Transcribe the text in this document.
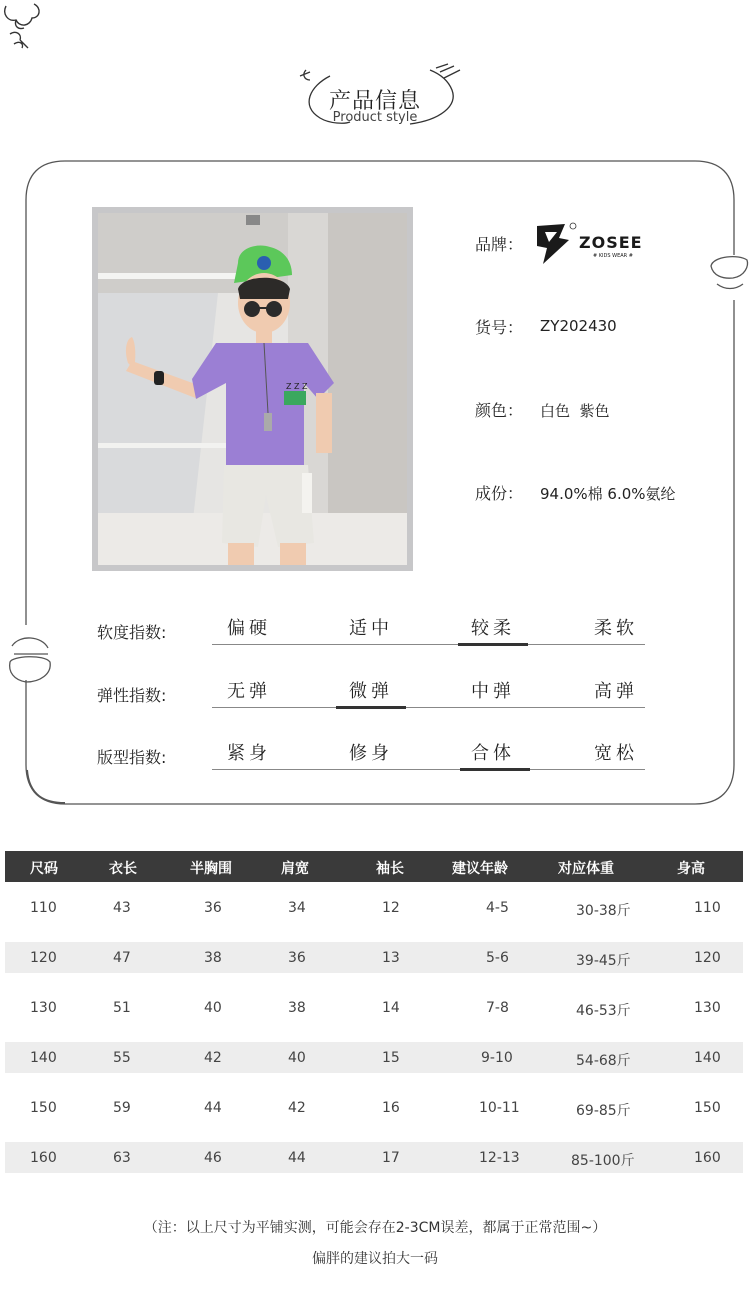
产品信息
Product style
Z Z Z
品牌：	ZOSEE
# KIDS WEAR #
货号： ZY202430
颜色： 白色  紫色
成份： 94.0%棉 6.0%氨纶
软度指数:	偏硬	适中	较柔	柔软
弹性指数:	无弹	微弹	中弹	高弹
版型指数:	紧身	修身	合体	宽松
尺码	衣长	半胸围	肩宽	袖长	建议年龄	对应体重	身高
110	43	36	34	12	4-5	30-38斤	110
120	47	38	36	13	5-6	39-45斤	120
130	51	40	38	14	7-8	46-53斤	130
140	55	42	40	15	9-10	54-68斤	140
150	59	44	42	16	10-11	69-85斤	150
160	63	46	44	17	12-13	85-100斤	160
（注：以上尺寸为平铺实测，可能会存在2-3CM误差，都属于正常范围~）
偏胖的建议拍大一码
